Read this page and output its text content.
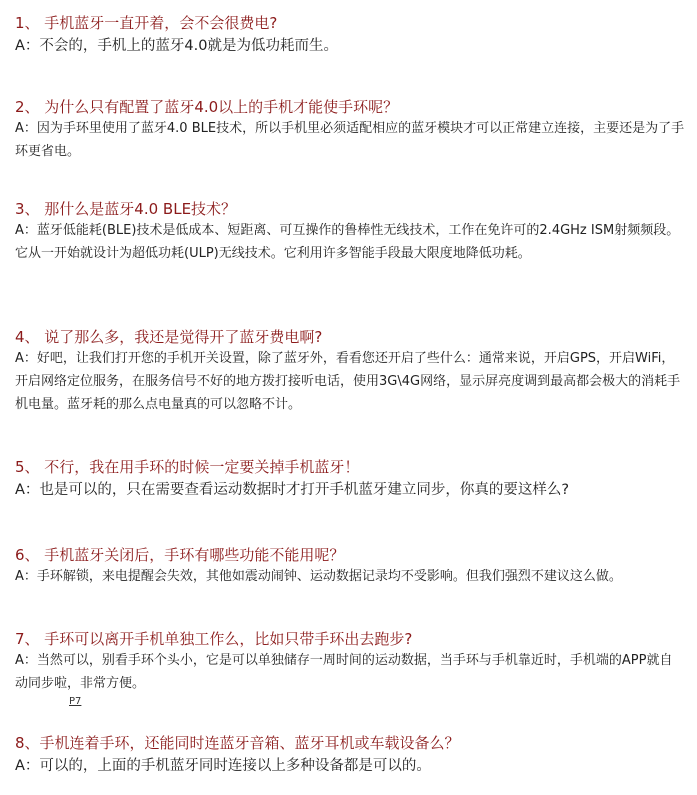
1、 手机蓝牙一直开着，会不会很费电?
A：不会的，手机上的蓝牙4.0就是为低功耗而生。
2、 为什么只有配置了蓝牙4.0以上的手机才能使手环呢？
A：因为手环里使用了蓝牙4.0 BLE技术，所以手机里必须适配相应的蓝牙模块才可以正常建立连接，主要还是为了手环更省电。
3、 那什么是蓝牙4.0 BLE技术？
A：蓝牙低能耗(BLE)技术是低成本、短距离、可互操作的鲁棒性无线技术，工作在免许可的2.4GHz ISM射频频段。它从一开始就设计为超低功耗(ULP)无线技术。它利用许多智能手段最大限度地降低功耗。
4、 说了那么多，我还是觉得开了蓝牙费电啊?
A：好吧，让我们打开您的手机开关设置，除了蓝牙外，看看您还开启了些什么：通常来说，开启GPS，开启WiFi，开启网络定位服务，在服务信号不好的地方拨打接听电话，使用3G\4G网络，显示屏亮度调到最高都会极大的消耗手机电量。蓝牙耗的那么点电量真的可以忽略不计。
5、 不行，我在用手环的时候一定要关掉手机蓝牙！
A：也是可以的，只在需要查看运动数据时才打开手机蓝牙建立同步，你真的要这样么?
6、 手机蓝牙关闭后，手环有哪些功能不能用呢？
A：手环解锁，来电提醒会失效，其他如震动闹钟、运动数据记录均不受影响。但我们强烈不建议这么做。
7、 手环可以离开手机单独工作么，比如只带手环出去跑步?
A：当然可以，别看手环个头小，它是可以单独储存一周时间的运动数据，当手环与手机靠近时，手机端的APP就自动同步啦，非常方便。
P7
8、手机连着手环，还能同时连蓝牙音箱、蓝牙耳机或车载设备么？
A：可以的，上面的手机蓝牙同时连接以上多种设备都是可以的。
